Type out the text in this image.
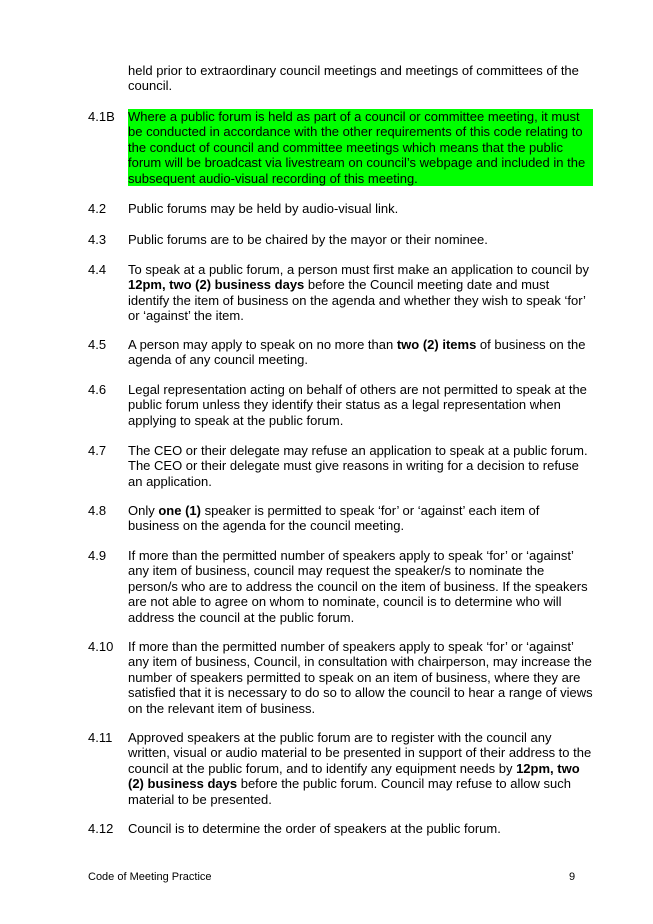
held prior to extraordinary council meetings and meetings of committees of the council.
4.1B Where a public forum is held as part of a council or committee meeting, it must be conducted in accordance with the other requirements of this code relating to the conduct of council and committee meetings which means that the public forum will be broadcast via livestream on council’s webpage and included in the subsequent audio-visual recording of this meeting.
4.2 Public forums may be held by audio-visual link.
4.3 Public forums are to be chaired by the mayor or their nominee.
4.4 To speak at a public forum, a person must first make an application to council by 12pm, two (2) business days before the Council meeting date and must identify the item of business on the agenda and whether they wish to speak ‘for’ or ‘against’ the item.
4.5 A person may apply to speak on no more than two (2) items of business on the agenda of any council meeting.
4.6 Legal representation acting on behalf of others are not permitted to speak at the public forum unless they identify their status as a legal representation when applying to speak at the public forum.
4.7 The CEO or their delegate may refuse an application to speak at a public forum. The CEO or their delegate must give reasons in writing for a decision to refuse an application.
4.8 Only one (1) speaker is permitted to speak ‘for’ or ‘against’ each item of business on the agenda for the council meeting.
4.9 If more than the permitted number of speakers apply to speak ‘for’ or ‘against’ any item of business, council may request the speaker/s to nominate the person/s who are to address the council on the item of business. If the speakers are not able to agree on whom to nominate, council is to determine who will address the council at the public forum.
4.10 If more than the permitted number of speakers apply to speak ‘for’ or ‘against’ any item of business, Council, in consultation with chairperson, may increase the number of speakers permitted to speak on an item of business, where they are satisfied that it is necessary to do so to allow the council to hear a range of views on the relevant item of business.
4.11 Approved speakers at the public forum are to register with the council any written, visual or audio material to be presented in support of their address to the council at the public forum, and to identify any equipment needs by 12pm, two (2) business days before the public forum. Council may refuse to allow such material to be presented.
4.12 Council is to determine the order of speakers at the public forum.
Code of Meeting Practice	9
